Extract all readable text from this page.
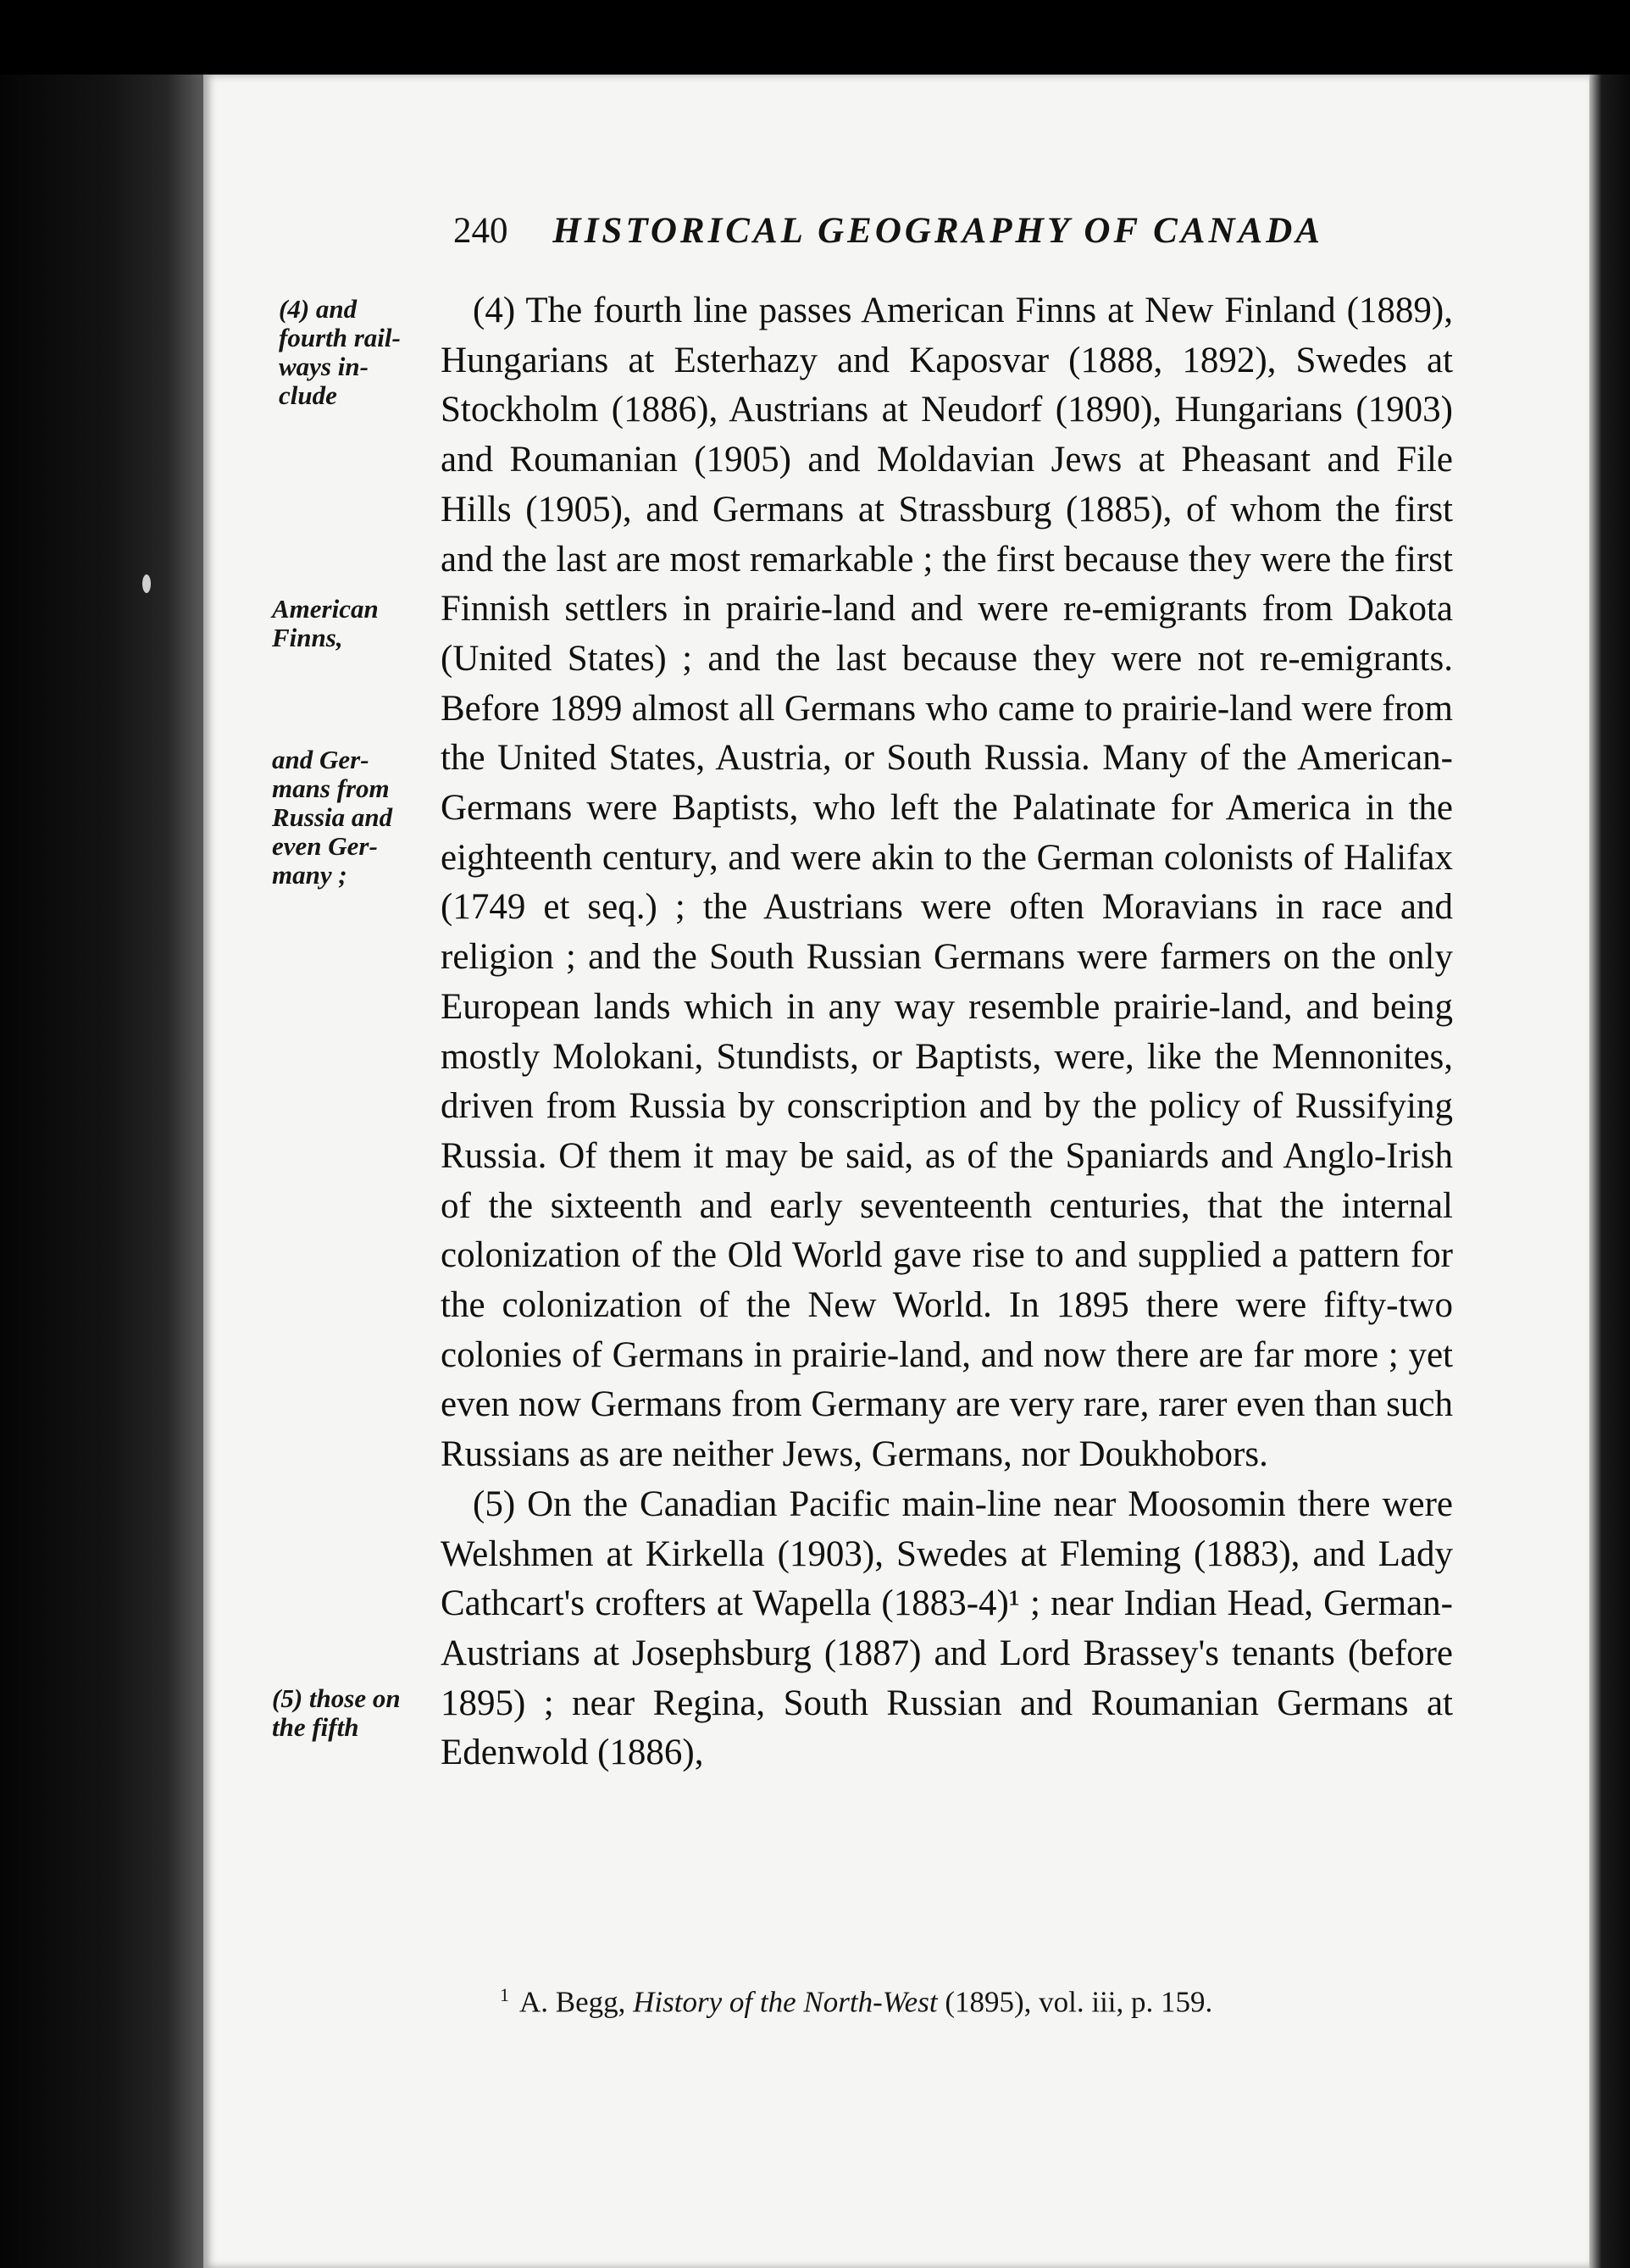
240 HISTORICAL GEOGRAPHY OF CANADA
(4) and
fourth rail-
ways in-
clude
American
Finns,
and Ger-
mans from
Russia and
even Ger-
many ;
(5) those on
the fifth

(4) The fourth line passes American Finns at New Finland (1889), Hungarians at Esterhazy and Kaposvar (1888, 1892), Swedes at Stockholm (1886), Austrians at Neudorf (1890), Hungarians (1903) and Roumanian (1905) and Moldavian Jews at Pheasant and File Hills (1905), and Germans at Strassburg (1885), of whom the first and the last are most remarkable ; the first because they were the first Finnish settlers in prairie-land and were re-emigrants from Dakota (United States) ; and the last because they were not re-emigrants. Before 1899 almost all Germans who came to prairie-land were from the United States, Austria, or South Russia. Many of the American-Germans were Baptists, who left the Palatinate for America in the eighteenth century, and were akin to the German colonists of Halifax (1749 et seq.) ; the Austrians were often Moravians in race and religion ; and the South Russian Germans were farmers on the only European lands which in any way resemble prairie-land, and being mostly Molokani, Stundists, or Baptists, were, like the Mennonites, driven from Russia by conscription and by the policy of Russifying Russia. Of them it may be said, as of the Spaniards and Anglo-Irish of the sixteenth and early seventeenth centuries, that the internal colonization of the Old World gave rise to and supplied a pattern for the colonization of the New World. In 1895 there were fifty-two colonies of Germans in prairie-land, and now there are far more ; yet even now Germans from Germany are very rare, rarer even than such Russians as are neither Jews, Germans, nor Doukhobors.

(5) On the Canadian Pacific main-line near Moosomin there were Welshmen at Kirkella (1903), Swedes at Fleming (1883), and Lady Cathcart's crofters at Wapella (1883-4)¹ ; near Indian Head, German-Austrians at Josephsburg (1887) and Lord Brassey's tenants (before 1895) ; near Regina, South Russian and Roumanian Germans at Edenwold (1886),

$^1$ A. Begg, History of the North-West (1895), vol. iii, p. 159.
